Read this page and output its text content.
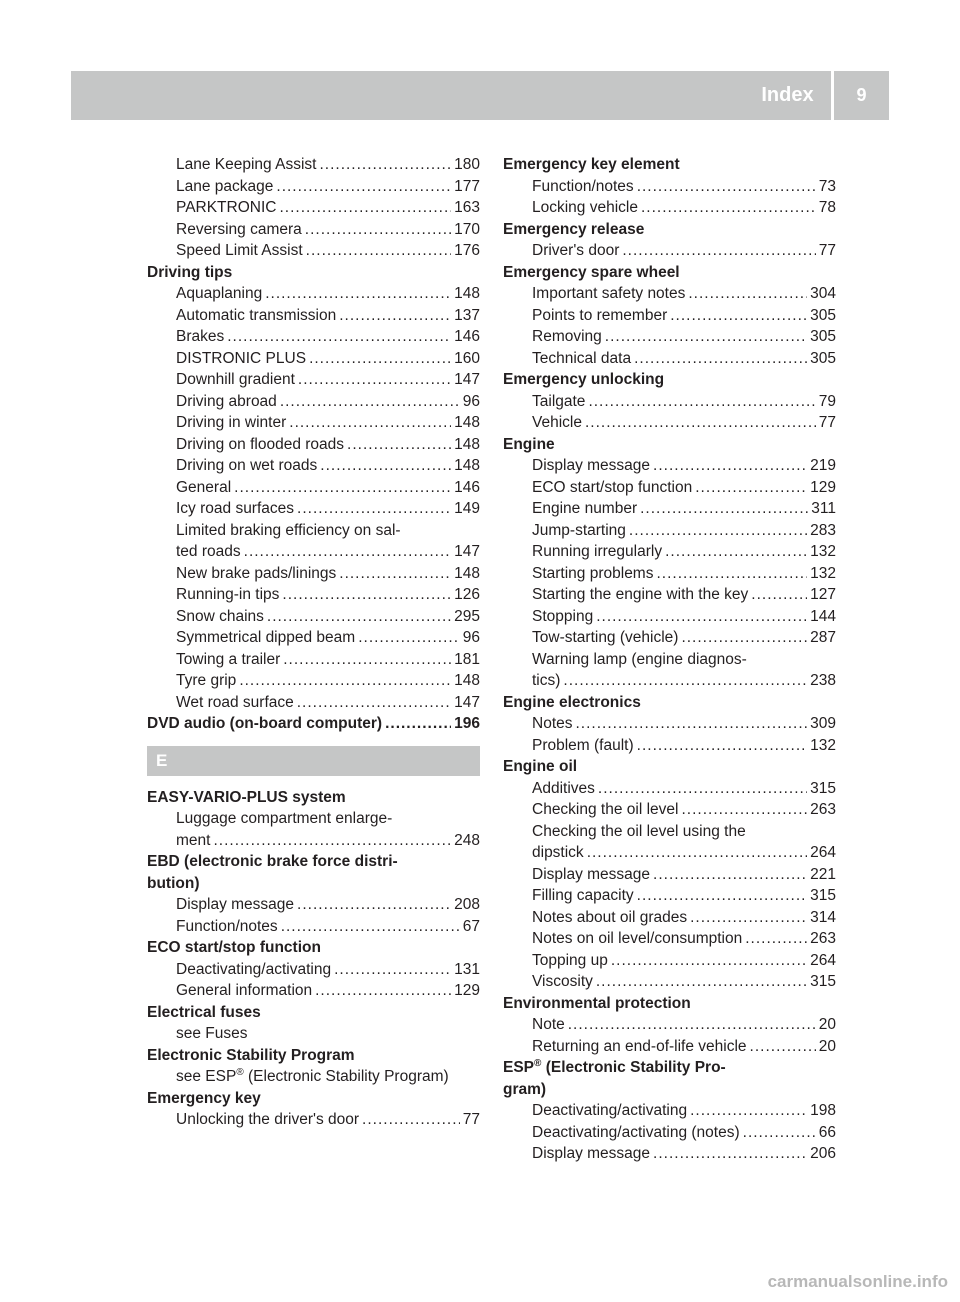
Index	9
Lane Keeping Assist .....	180
Lane package .....	177
PARKTRONIC .....	163
Reversing camera .....	170
Speed Limit Assist .....	176
Driving tips
Aquaplaning .....	148
Automatic transmission .....	137
Brakes .....	146
DISTRONIC PLUS .....	160
Downhill gradient .....	147
Driving abroad .....	96
Driving in winter .....	148
Driving on flooded roads .....	148
Driving on wet roads .....	148
General .....	146
Icy road surfaces .....	149
Limited braking efficiency on sal-
ted roads .....	147
New brake pads/linings .....	148
Running-in tips .....	126
Snow chains .....	295
Symmetrical dipped beam .....	96
Towing a trailer .....	181
Tyre grip .....	148
Wet road surface .....	147
DVD audio (on-board computer) .....	196
E
EASY-VARIO-PLUS system
Luggage compartment enlarge-
ment .....	248
EBD (electronic brake force distri-
bution)
Display message .....	208
Function/notes .....	67
ECO start/stop function
Deactivating/activating .....	131
General information .....	129
Electrical fuses
see Fuses
Electronic Stability Program
see ESP® (Electronic Stability Program)
Emergency key
Unlocking the driver's door .....	77
Emergency key element
Function/notes .....	73
Locking vehicle .....	78
Emergency release
Driver's door .....	77
Emergency spare wheel
Important safety notes .....	304
Points to remember .....	305
Removing .....	305
Technical data .....	305
Emergency unlocking
Tailgate .....	79
Vehicle .....	77
Engine
Display message .....	219
ECO start/stop function .....	129
Engine number .....	311
Jump-starting .....	283
Running irregularly .....	132
Starting problems .....	132
Starting the engine with the key .....	127
Stopping .....	144
Tow-starting (vehicle) .....	287
Warning lamp (engine diagnos-
tics) .....	238
Engine electronics
Notes .....	309
Problem (fault) .....	132
Engine oil
Additives .....	315
Checking the oil level .....	263
Checking the oil level using the
dipstick .....	264
Display message .....	221
Filling capacity .....	315
Notes about oil grades .....	314
Notes on oil level/consumption .....	263
Topping up .....	264
Viscosity .....	315
Environmental protection
Note .....	20
Returning an end-of-life vehicle .....	20
ESP® (Electronic Stability Pro-
gram)
Deactivating/activating .....	198
Deactivating/activating (notes) .....	66
Display message .....	206
carmanualsonline.info
